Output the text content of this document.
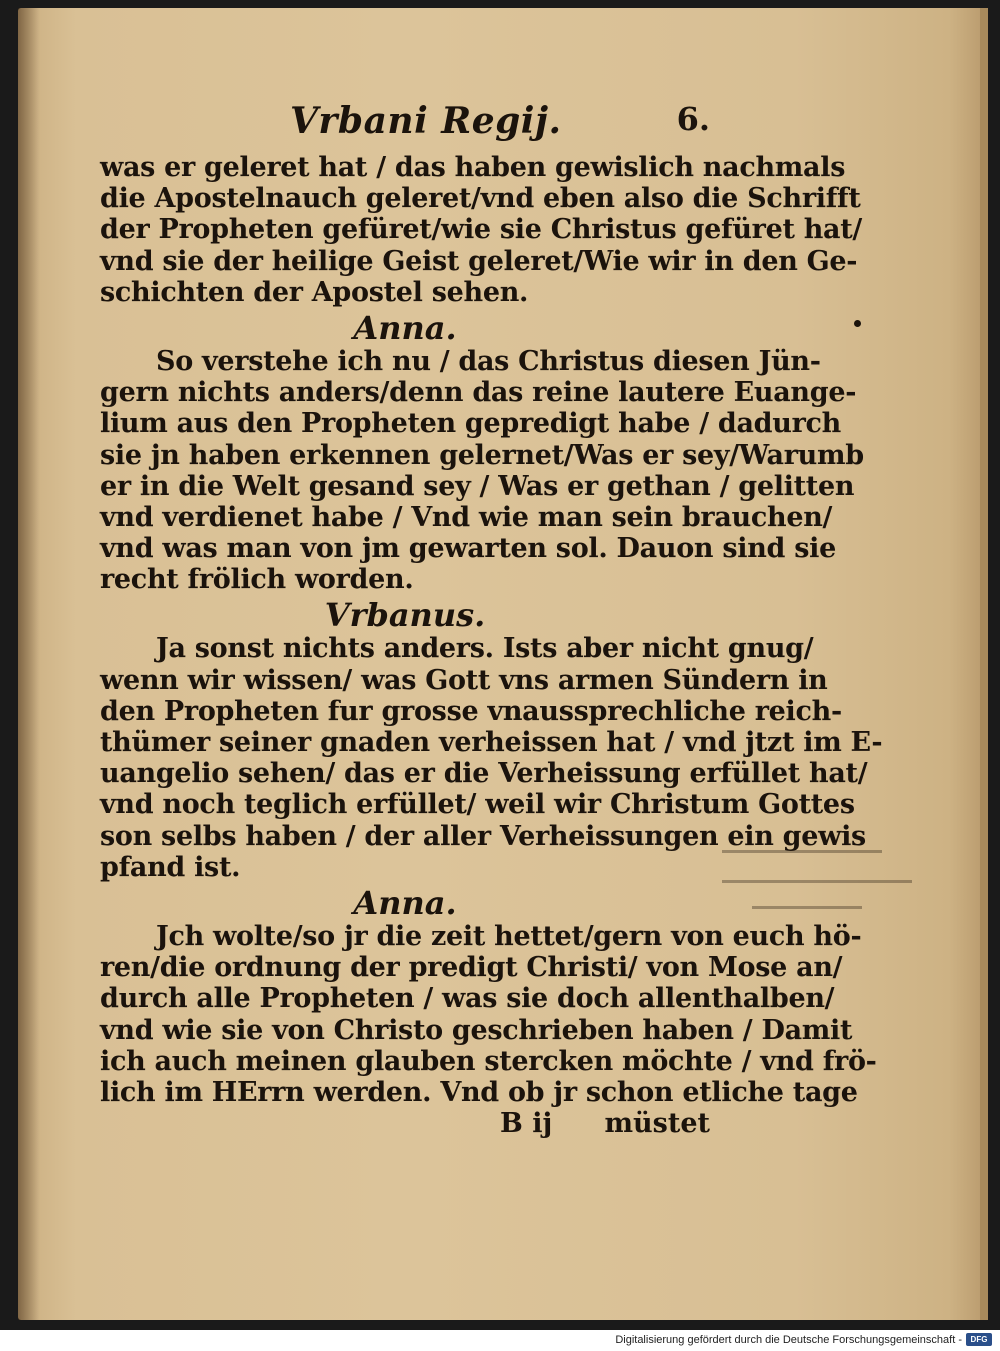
Vrbani Regij.	6.
was er geleret hat / das haben gewislich nachmals
die Apostelnauch geleret/vnd eben also die Schrifft
der Propheten gefüret/wie sie Christus gefüret hat/
vnd sie der heilige Geist geleret/Wie wir in den Ge-
schichten der Apostel sehen.
Anna.
So verstehe ich nu / das Christus diesen Jün-
gern nichts anders/denn das reine lautere Euange-
lium aus den Propheten gepredigt habe / dadurch
sie jn haben erkennen gelernet/Was er sey/Warumb
er in die Welt gesand sey / Was er gethan / gelitten
vnd verdienet habe / Vnd wie man sein brauchen/
vnd was man von jm gewarten sol. Dauon sind sie
recht frölich worden.
Vrbanus.
Ja sonst nichts anders. Ists aber nicht gnug/
wenn wir wissen/ was Gott vns armen Sündern in
den Propheten fur grosse vnaussprechliche reich-
thümer seiner gnaden verheissen hat / vnd jtzt im E-
uangelio sehen/ das er die Verheissung erfüllet hat/
vnd noch teglich erfüllet/ weil wir Christum Gottes
son selbs haben / der aller Verheissungen ein gewis
pfand ist.
Anna.
Jch wolte/so jr die zeit hettet/gern von euch hö-
ren/die ordnung der predigt Christi/ von Mose an/
durch alle Propheten / was sie doch allenthalben/
vnd wie sie von Christo geschrieben haben / Damit
ich auch meinen glauben stercken möchte / vnd frö-
lich im HErrn werden. Vnd ob jr schon etliche tage
B ij müstet
Digitalisierung gefördert durch die Deutsche Forschungsgemeinschaft -	DFG
